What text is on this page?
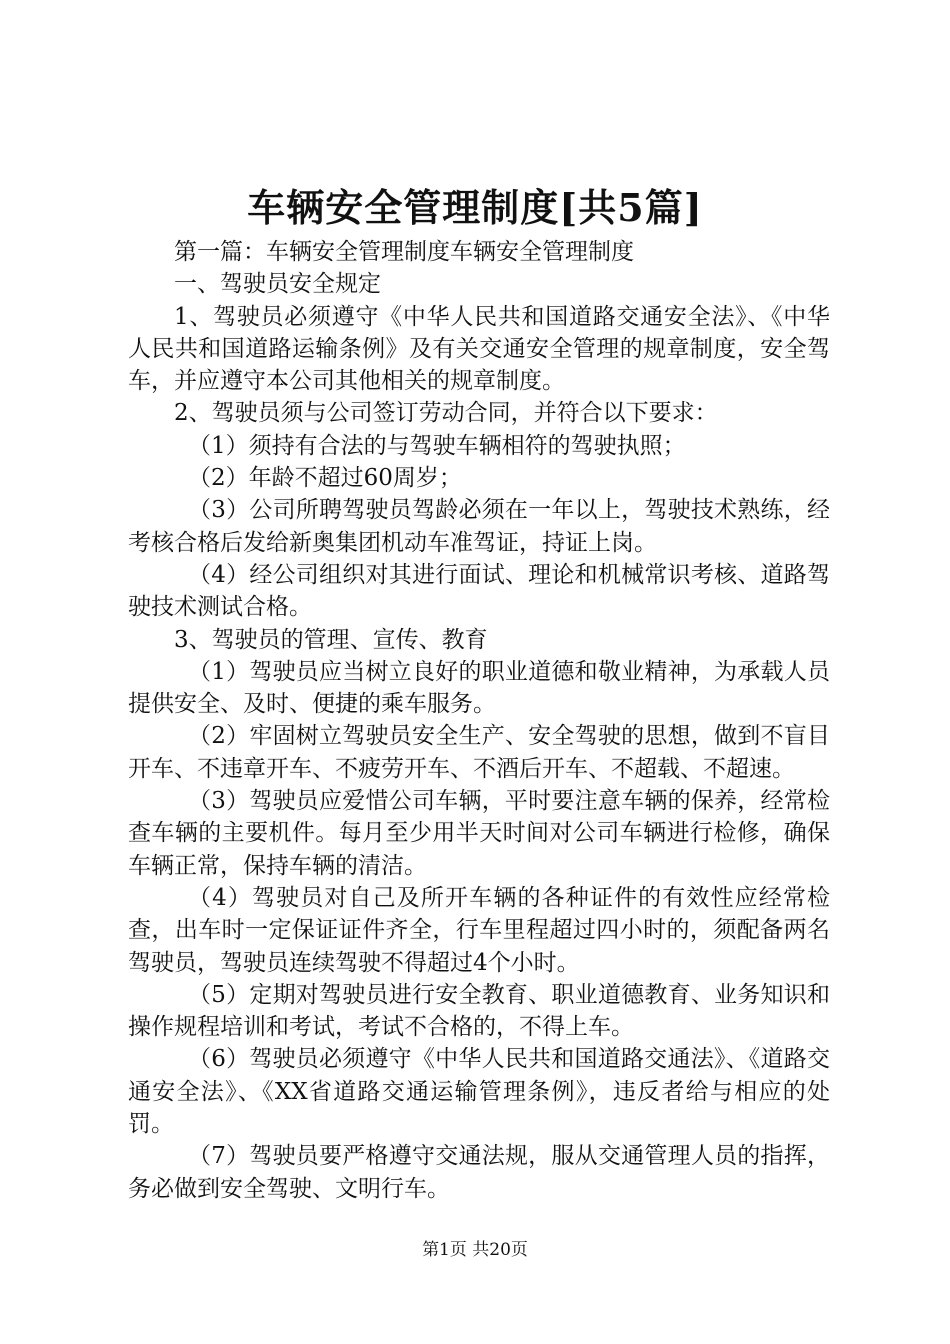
车辆安全管理制度[共5篇]

第一篇：车辆安全管理制度车辆安全管理制度

一、驾驶员安全规定

1、驾驶员必须遵守《中华人民共和国道路交通安全法》、《中华人民共和国道路运输条例》及有关交通安全管理的规章制度，安全驾车，并应遵守本公司其他相关的规章制度。

2、驾驶员须与公司签订劳动合同，并符合以下要求：

（1）须持有合法的与驾驶车辆相符的驾驶执照；

（2）年龄不超过60周岁；

（3）公司所聘驾驶员驾龄必须在一年以上，驾驶技术熟练，经考核合格后发给新奥集团机动车准驾证，持证上岗。

（4）经公司组织对其进行面试、理论和机械常识考核、道路驾驶技术测试合格。

3、驾驶员的管理、宣传、教育

（1）驾驶员应当树立良好的职业道德和敬业精神，为承载人员提供安全、及时、便捷的乘车服务。

（2）牢固树立驾驶员安全生产、安全驾驶的思想，做到不盲目开车、不违章开车、不疲劳开车、不酒后开车、不超载、不超速。

（3）驾驶员应爱惜公司车辆，平时要注意车辆的保养，经常检查车辆的主要机件。每月至少用半天时间对公司车辆进行检修，确保车辆正常，保持车辆的清洁。

（4）驾驶员对自己及所开车辆的各种证件的有效性应经常检查，出车时一定保证证件齐全，行车里程超过四小时的，须配备两名驾驶员，驾驶员连续驾驶不得超过4个小时。

（5）定期对驾驶员进行安全教育、职业道德教育、业务知识和操作规程培训和考试，考试不合格的，不得上车。

（6）驾驶员必须遵守《中华人民共和国道路交通法》、《道路交通安全法》、《XX省道路交通运输管理条例》，违反者给与相应的处罚。

（7）驾驶员要严格遵守交通法规，服从交通管理人员的指挥，务必做到安全驾驶、文明行车。

第1页 共20页
